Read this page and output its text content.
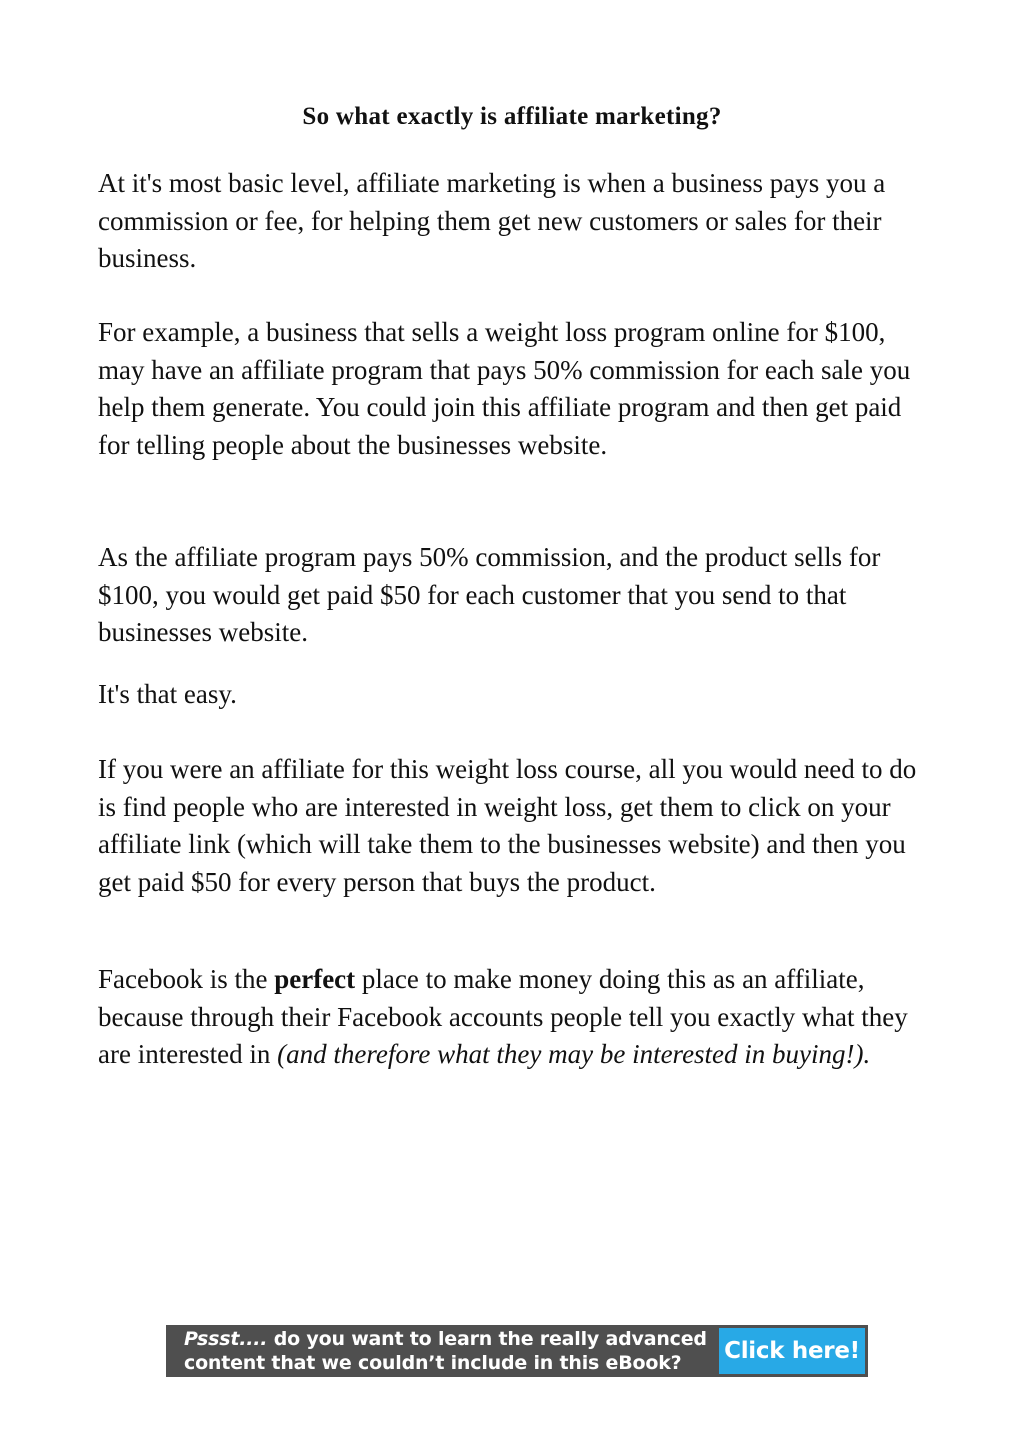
So what exactly is affiliate marketing?

At it's most basic level, affiliate marketing is when a business pays you a commission or fee, for helping them get new customers or sales for their business.

For example, a business that sells a weight loss program online for $100, may have an affiliate program that pays 50% commission for each sale you help them generate. You could join this affiliate program and then get paid for telling people about the businesses website.

As the affiliate program pays 50% commission, and the product sells for $100, you would get paid $50 for each customer that you send to that businesses website.

It's that easy.

If you were an affiliate for this weight loss course, all you would need to do is find people who are interested in weight loss, get them to click on your affiliate link (which will take them to the businesses website) and then you get paid $50 for every person that buys the product.

Facebook is the perfect place to make money doing this as an affiliate, because through their Facebook accounts people tell you exactly what they are interested in (and therefore what they may be interested in buying!).

Pssst.... do you want to learn the really advanced
content that we couldn’t include in this eBook?	Click here!
